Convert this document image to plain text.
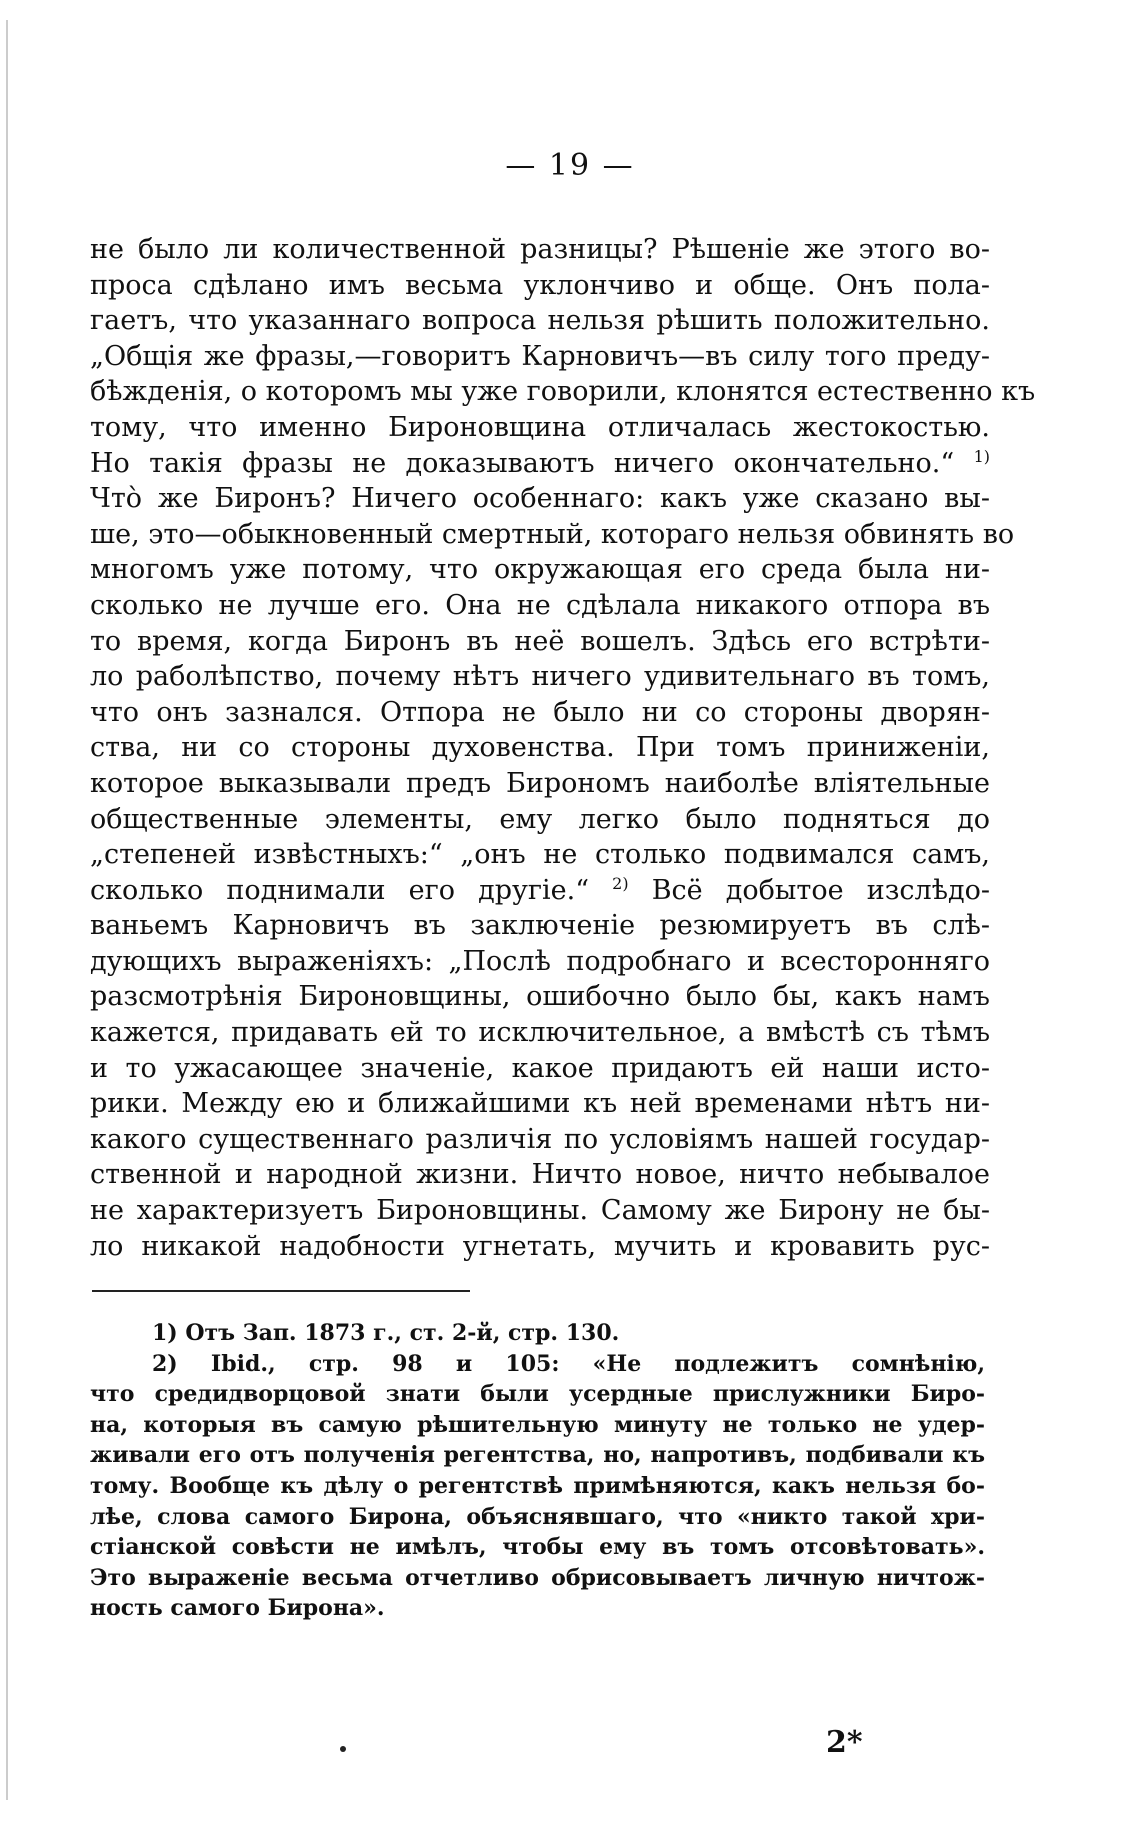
— 19 —
не было ли количественной разницы? Рѣшеніе же этого во-
проса сдѣлано имъ весьма уклончиво и обще. Онъ пола-
гаетъ, что указаннаго вопроса нельзя рѣшить положительно.
„Общія же фразы,—говоритъ Карновичъ—въ силу того преду-
бѣжденія, о которомъ мы уже говорили, клонятся естественно къ
тому, что именно Бироновщина отличалась жестокостью.
Но такія фразы не доказываютъ ничего окончательно.“ $^{1)}$
Чтò же Биронъ? Ничего особеннаго: какъ уже сказано вы-
ше, это—обыкновенный смертный, котораго нельзя обвинять во
многомъ уже потому, что окружающая его среда была ни-
сколько не лучше его. Она не сдѣлала никакого отпора въ
то время, когда Биронъ въ неё вошелъ. Здѣсь его встрѣти-
ло раболѣпство, почему нѣтъ ничего удивительнаго въ томъ,
что онъ зазнался. Отпора не было ни со стороны дворян-
ства, ни со стороны духовенства. При томъ приниженіи,
которое выказывали предъ Бирономъ наиболѣе вліятельные
общественные элементы, ему легко было подняться до
„степеней извѣстныхъ:“ „онъ не столько подвимался самъ,
сколько поднимали его другіе.“ $^{2)}$ Всё добытое изслѣдо-
ваньемъ Карновичъ въ заключеніе резюмируетъ въ слѣ-
дующихъ выраженіяхъ: „Послѣ подробнаго и всесторонняго
разсмотрѣнія Бироновщины, ошибочно было бы, какъ намъ
кажется, придавать ей то исключительное, а вмѣстѣ съ тѣмъ
и то ужасающее значеніе, какое придаютъ ей наши исто-
рики. Между ею и ближайшими къ ней временами нѣтъ ни-
какого существеннаго различія по условіямъ нашей государ-
ственной и народной жизни. Ничто новое, ничто небывалое
не характеризуетъ Бироновщины. Самому же Бирону не бы-
ло никакой надобности угнетать, мучить и кровавить рус-
1) Отъ Зап. 1873 г., ст. 2-й, стр. 130.
2) Ibid., стр. 98 и 105: «Не подлежитъ сомнѣнію,
что средидворцовой знати были усердные прислужники Биро-
на, которыя въ самую рѣшительную минуту не только не удер-
живали его отъ полученія регентства, но, напротивъ, подбивали къ
тому. Вообще къ дѣлу о регентствѣ примѣняются, какъ нельзя бо-
лѣе, слова самого Бирона, объяснявшаго, что «никто такой хри-
стіанской совѣсти не имѣлъ, чтобы ему въ томъ отсовѣтовать».
Это выраженіе весьма отчетливо обрисовываетъ личную ничтож-
ность самого Бирона».
2*
